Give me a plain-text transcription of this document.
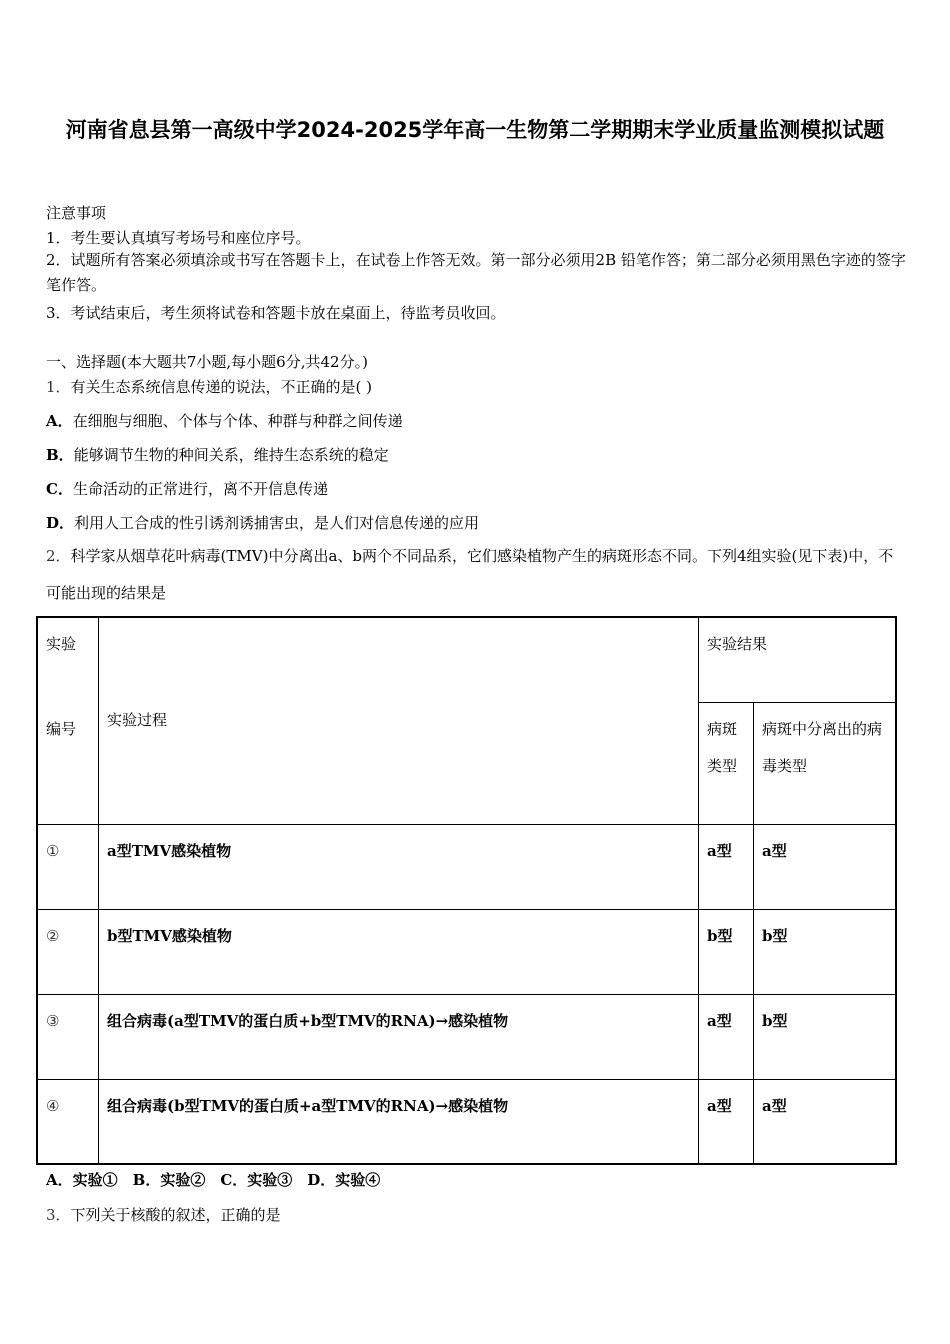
河南省息县第一高级中学2024-2025学年高一生物第二学期期末学业质量监测模拟试题
注意事项
1．考生要认真填写考场号和座位序号。
2．试题所有答案必须填涂或书写在答题卡上，在试卷上作答无效。第一部分必须用2B 铅笔作答；第二部分必须用黑色字迹的签字笔作答。
3．考试结束后，考生须将试卷和答题卡放在桌面上，待监考员收回。
一、选择题(本大题共7小题,每小题6分,共42分。)
1．有关生态系统信息传递的说法，不正确的是( )
A．在细胞与细胞、个体与个体、种群与种群之间传递
B．能够调节生物的种间关系，维持生态系统的稳定
C．生命活动的正常进行，离不开信息传递
D．利用人工合成的性引诱剂诱捕害虫，是人们对信息传递的应用
2．科学家从烟草花叶病毒(TMV)中分离出a、b两个不同品系，它们感染植物产生的病斑形态不同。下列4组实验(见下表)中，不可能出现的结果是
实验
编号	实验过程	实验结果	
		病斑类型	病斑中分离出的病毒类型
①	a型TMV感染植物	a型	a型
②	b型TMV感染植物	b型	b型
③	组合病毒(a型TMV的蛋白质+b型TMV的RNA)→感染植物	a型	b型
④	组合病毒(b型TMV的蛋白质+a型TMV的RNA)→感染植物	a型	a型
A．实验①　B．实验②　C．实验③　D．实验④
3．下列关于核酸的叙述，正确的是
